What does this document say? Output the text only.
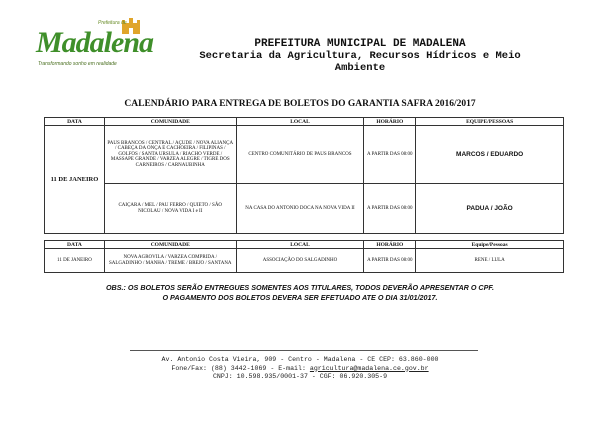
Prefeitura de
Madalena
Transformando sonho em realidade
PREFEITURA MUNICIPAL DE MADALENA
Secretaria da Agricultura, Recursos Hídricos e Meio
Ambiente
CALENDÁRIO PARA ENTREGA DE BOLETOS DO GARANTIA SAFRA 2016/2017
DATA	COMUNIDADE	LOCAL	HORÁRIO	EQUIPE/PESSOAS
11 DE JANEIRO	PAUS BRANCOS / CENTRAL / AÇUDE / NOVA ALIANÇA / CABEÇA DA ONÇA E CACHOEIRA / FILIPINAS / GOLFOS / SANTA URSULA / RIACHO VERDE / MASSAPE GRANDE / VARZEA ALEGRE / TIGRE DOS CARNEIROS / CARNAUBINHA	CENTRO COMUNITÁRIO DE PAUS BRANCOS	A PARTIR DAS 08:00	MARCOS / EDUARDO
	CAIÇARA / MEL / PAU FERRO / QUIETO / SÃO NICOLAU / NOVA VIDA I e II	NA CASA DO ANTONIO DOCA NA NOVA VIDA II	A PARTIR DAS 08:00	PADUA / JOÃO
DATA	COMUNIDADE	LOCAL	HORÁRIO	Equipe/Pessoas
11 DE JANEIRO	NOVA AGROVILA / VARZEA COMPRIDA / SALGADINHO / MANHA / TREME / BREJO / SANTANA	ASSOCIAÇÃO DO SALGADINHO	A PARTIR DAS 08:00	RENE / LULA
OBS.: OS BOLETOS SERÃO ENTREGUES SOMENTES AOS TITULARES, TODOS DEVERÃO APRESENTAR O CPF.
O PAGAMENTO DOS BOLETOS DEVERA SER EFETUADO ATE O DIA 31/01/2017.
Av. Antonio Costa Vieira, 909 - Centro - Madalena - CE CEP: 63.860-000
Fone/Fax: (88) 3442-1069 - E-mail: agricultura@madalena.ce.gov.br
CNPJ: 10.598.935/0001-37 - CGF: 06.920.305-9
